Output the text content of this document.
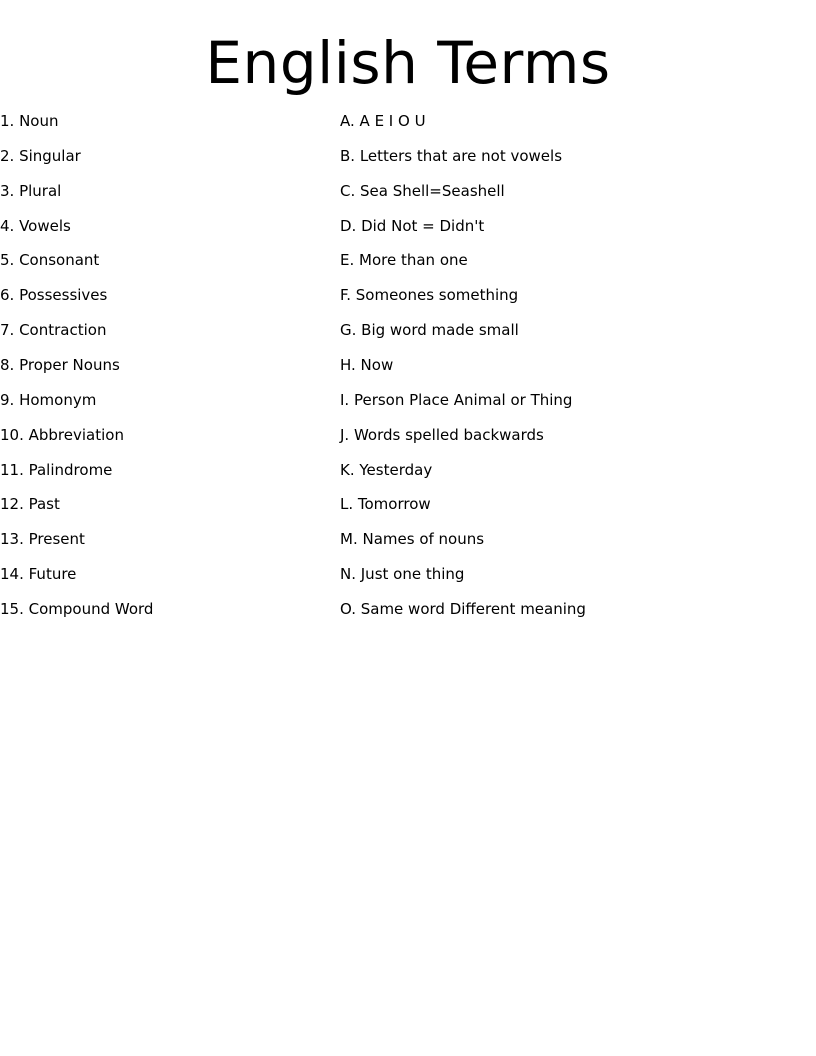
English Terms
1. Noun
2. Singular
3. Plural
4. Vowels
5. Consonant
6. Possessives
7. Contraction
8. Proper Nouns
9. Homonym
10. Abbreviation
11. Palindrome
12. Past
13. Present
14. Future
15. Compound Word
A. A E I O U
B. Letters that are not vowels
C. Sea Shell=Seashell
D. Did Not = Didn't
E. More than one
F. Someones something
G. Big word made small
H. Now
I. Person Place Animal or Thing
J. Words spelled backwards
K. Yesterday
L. Tomorrow
M. Names of nouns
N. Just one thing
O. Same word Different meaning
